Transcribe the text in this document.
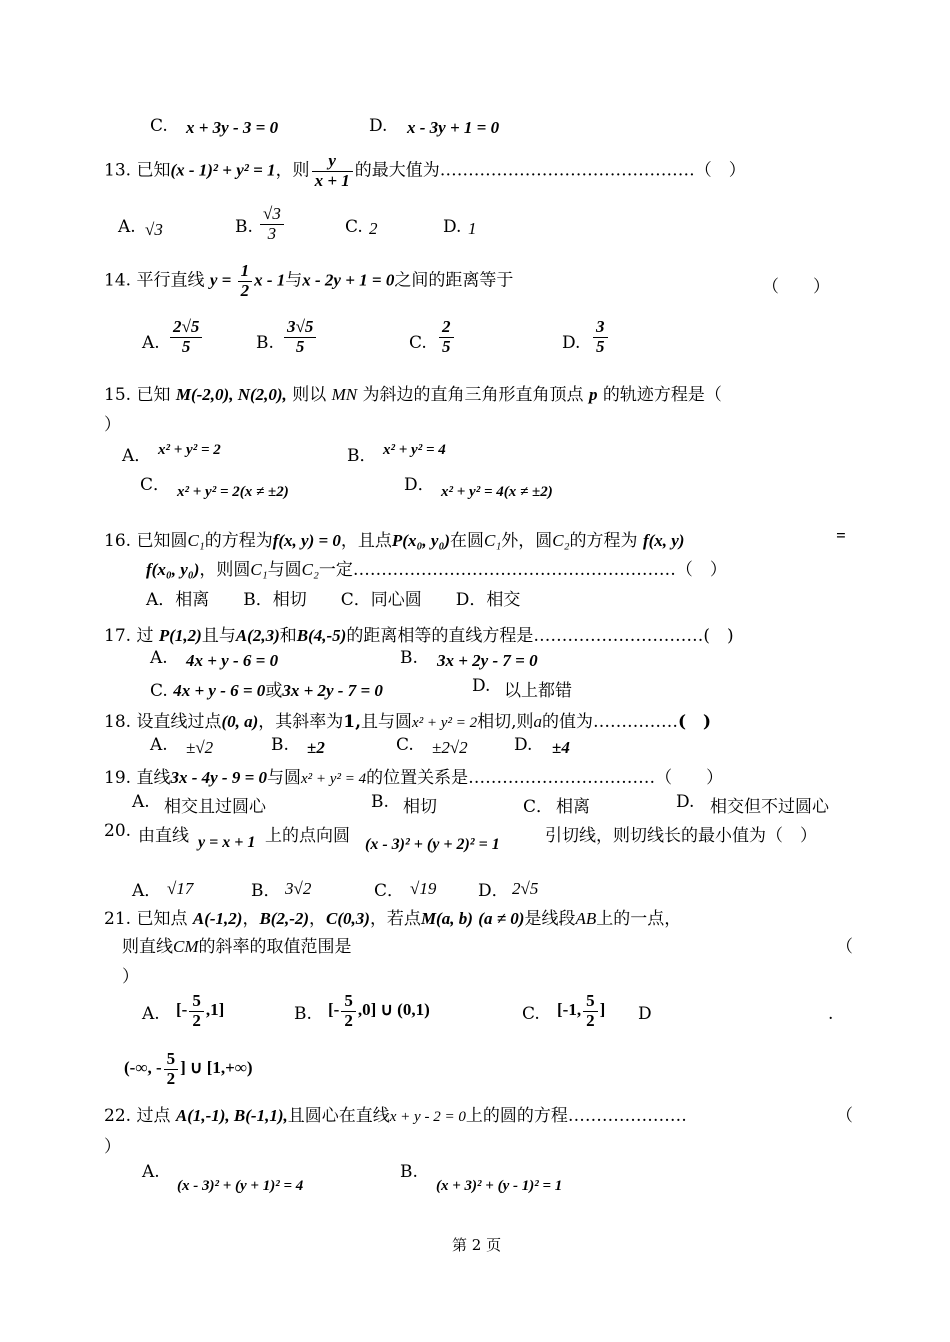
C. x + 3y - 3 = 0	D. x - 3y + 1 = 0
13. 已知(x - 1)² + y² = 1，则 $\frac{y}{x + 1}$ 的最大值为………………………………………（　）
A. √3	B. $\frac{√3}{3}$	C. 2	D. 1
14. 平行直线 $y = \frac{1}{2}$ x - 1与x - 2y + 1 = 0之间的距离等于	（　　）
A. $\frac{2√5}{5}$	B. $\frac{3√5}{5}$	C. $\frac{2}{5}$	D. $\frac{3}{5}$
15. 已知 M(-2,0), N(2,0), 则以 MN 为斜边的直角三角形直角顶点 p 的轨迹方程是（
）
A． x² + y² = 2	B． x² + y² = 4
C． x² + y² = 2(x ≠ ±2)	D． x² + y² = 4(x ≠ ±2)
16. 已知圆C₁的方程为f(x, y) = 0，且点P(x₀, y₀)在圆C₁外，圆C₂的方程为 f(x, y)	=
f(x₀, y₀)，则圆C₁与圆C₂一定…………………………………………………（　）
A．相离　　B．相切　　C．同心圆　　D．相交
17. 过 P(1,2)且与A(2,3)和B(4,-5)的距离相等的直线方程是…………………………(　)
A. 4x + y - 6 = 0	B. 3x + 2y - 7 = 0
C. 4x + y - 6 = 0或3x + 2y - 7 = 0	D. 以上都错
18. 设直线过点(0, a)，其斜率为1,且与圆x² + y² = 2相切,则a的值为……………(　)
A. ±√2	B. ±2	C. ±2√2	D. ±4
19. 直线3x - 4y - 9 = 0与圆x² + y² = 4的位置关系是……………………………（　　）
A. 相交且过圆心	B. 相切	C． 相离	D. 相交但不过圆心
20. 由直线 y = x + 1 上的点向圆 (x - 3)² + (y + 2)² = 1	引切线，则切线长的最小值为（　）
A． √17	B． 3√2	C． √19 D． 2√5
21. 已知点 A(-1,2)，B(2,-2)，C(0,3)，若点M(a, b) (a ≠ 0)是线段AB上的一点，
则直线CM的斜率的取值范围是	（
）
A. [- $\frac{5}{2} ,1$]	B. [- $\frac{5}{2} ,0$] ∪ (0,1)	C. [-1, $\frac{5}{2}$ ] D	.
(-∞, - $\frac{5}{2}$ ] ∪ [1,+∞)
22. 过点 A(1,-1), B(-1,1),且圆心在直线x + y - 2 = 0上的圆的方程…………………	（
）
A.
(x - 3)² + (y + 1)² = 4
B.
(x + 3)² + (y - 1)² = 1
第 2 页
